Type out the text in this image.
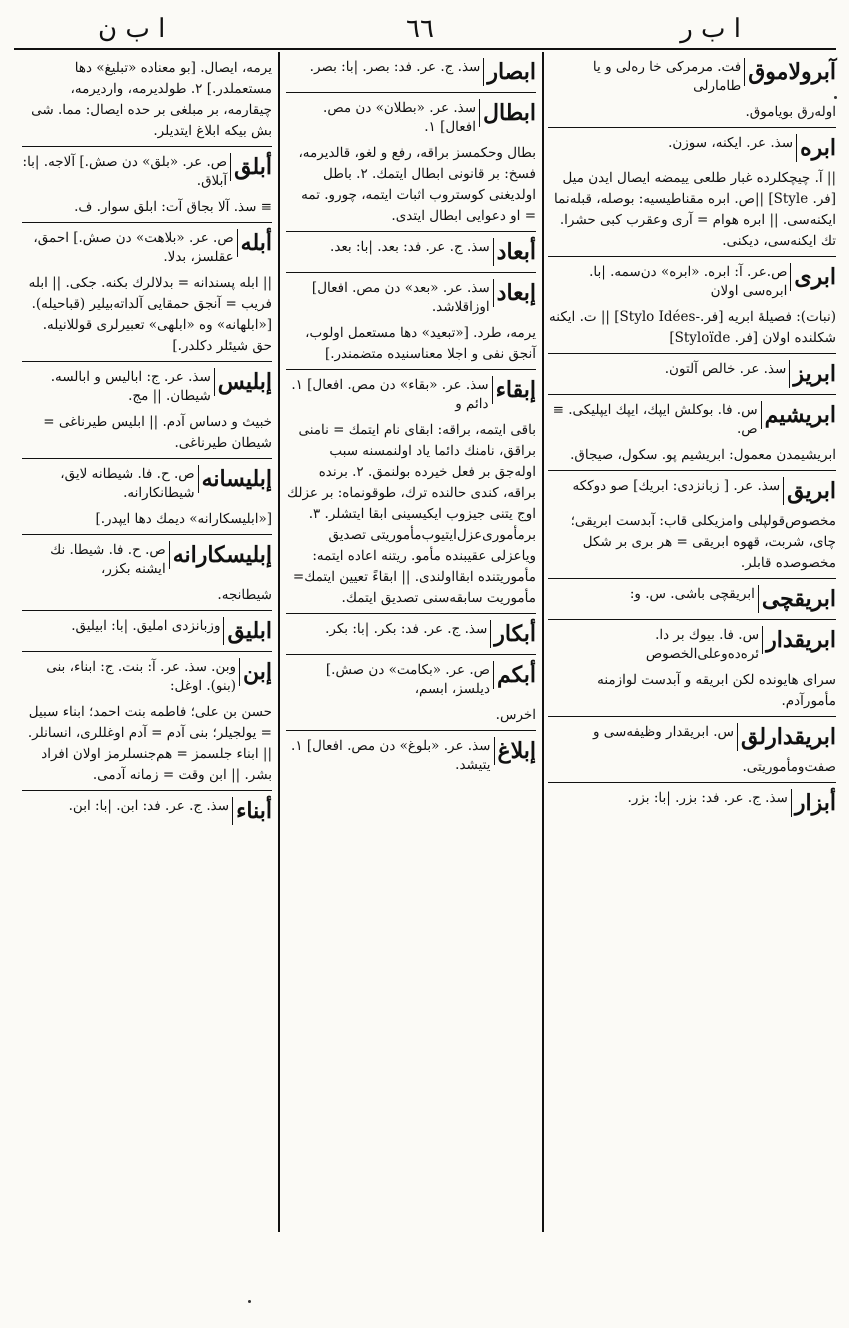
ا ب ر
٦٦
ا ب ن
آبرولاموق
فت. مرمرکی خا رەلی و یا طامارلی
اولەرق بویاموق.
ابره
سذ. عر. ایکنه، سوزن.
|| آ. چیچکلرده غبار طلعی ییمضه ایصال ایدن میل [فر. Style] ||ص. ابره مقناطیسیه: بوصله، قبلەنما ایکنەسی. || ابره هوام = آری وعقرب کبی حشرا. تك ایکنەسی، دیکنی.
ابری
ص.عر. آ: ابره. «ابره» دن‌سمە. |با. ابرەسی اولان
(نبات): فصیلۀ ابریه [فر.-Stylo Idées] || ت. ایکنه شکلنده اولان [فر. Styloïde]
ابریز
سذ. عر. خالص آلتون.
ابریشیم
س. فا. بوکلش ایپك، ایپك ایپلیکی. ≡ ص.
ابریشیمدن معمول: ابریشیم پو. سکول، صیجاق.
ابریق
سذ. عر. [ زبانزدی: ابریك] صو دوککه
مخصوص‌قولپلی وامزیکلی قاب: آبدست ابریقی؛ چای، شربت، قهوه ابریقی = هر بری بر شکل مخصوصده قابلر.
ابریقچی
ابریقچی باشی. س. و:
ابریقدار
س. فا. بیوك بر دا. ئرەده‌وعلی‌الخصوص
سرای هایونده لکن ابریقه و آبدست لوازمنه مأمورآدم.
ابریقدارلق
س. ابریقدار وظیفەسی و
صفت‌ومأموریتی.
أبزار
سذ. ج. عر. فد: بزر. |با: بزر.
ابصار
سذ. ج. عر. فد: بصر. |با: بصر.
ابطال
سذ. عر. «بطلان» دن مص. افعال] ۱.
بطال وحکمسز براقه، رفع و لغو، قالدیرمه، فسخ: بر قانونی ابطال ایتمك. ۲. باطل اولدیغنی کوستروب اثبات ایتمه، چورو. تمه = او دعوایی ابطال ایتدی.
أبعاد
سذ. ج. عر. فد: بعد. |با: بعد.
إبعاد
سذ. عر. «بعد» دن مص. افعال] اوزاقلاشد.
یرمه، طرد. [«تبعید» دها مستعمل اولوب، آنجق نفی و اجلا معناسنیده متضمندر.]
إبقاء
سذ. عر. «بقاء» دن مص. افعال] ۱. دائم و
باقی ایتمه، براقه: ابقای نام ایتمك = نامنی براقق، نامنك دائما یاد اولنمسنه سبب اولەجق بر فعل خیرده بولنمق. ۲. برنده براقه، کندی حالنده ترك، طوقونماه: بر عزلك اوج یتنی جیزوب ایکیسینی ابقا ایتشلر. ۳. برمأموری‌عزل‌ایتیوب‌مأموریتی تصدیق ویاعزلی عقیبنده مأمو. ریتنه اعاده ایتمه: مأموریتنده ابقااولندی. || ابقاءً تعیین ایتمك= مأموریت سابقەسنی تصدیق ایتمك.
أبكار
سذ. ج. عر. فد: بکر. |با: بکر.
أبكم
ص. عر. «بکامت» دن صش.] دیلسز، ابسم،
اخرس.
إبلاغ
سذ. عر. «بلوغ» دن مص. افعال] ۱. یتیشد.
یرمه، ایصال. [بو معناده «تبلیغ» دها مستعملدر.] ۲. طولدیرمه، واردیرمه، چیقارمه، بر مبلغی بر حده ایصال: مما. شی بش بیکه ابلاغ ایتدیلر.
أبلق
ص. عر. «بلق» دن صش.] آلاجه. |با: آبلاق.
≡ سذ. آلا بجاق آت: ابلق سوار. ف.
أبله
ص. عر. «بلاهت» دن صش.] احمق، عقلسز، بدلا.
|| ابله پسندانه = بدلالرك بکنه. جکی. || ابله فریب = آنجق حمقایی آلداتەبیلیر (قباحیله). [«ابلهانه» وه «ابلهی» تعبیرلری قوللانیله. حق شیئلر دکلدر.]
إبليس
سذ. عر. ج: ابالیس و ابالسه. شیطان. || مج.
خبیث و دساس آدم. || ابلیس طیرناغی = شیطان طیرناغی.
إبليسانه
ص. ح. فا. شیطانه لایق، شیطانکارانه.
[«ابلیسکارانه» دیمك دها ایپدر.]
إبليسكارانه
ص. ح. فا. شیطا. نك ایشنه بکزر،
شیطانجه.
ابليق
وزبانزدی املیق. |با: ابیلیق.
إبن
وبن. سذ. عر. آ: بنت. ج: ابناء، بنی (بنو). اوغل:
حسن بن علی؛ فاطمه بنت احمد؛ ابناء سبیل = یولجیلر؛ بنی آدم = آدم اوغللری، انسانلر. || ابناء جلسمز = هم‌جنسلرمز اولان افراد بشر. || ابن وقت = زمانه آدمی.
أبناء
سذ. ج. عر. فد: ابن. |با: ابن.
